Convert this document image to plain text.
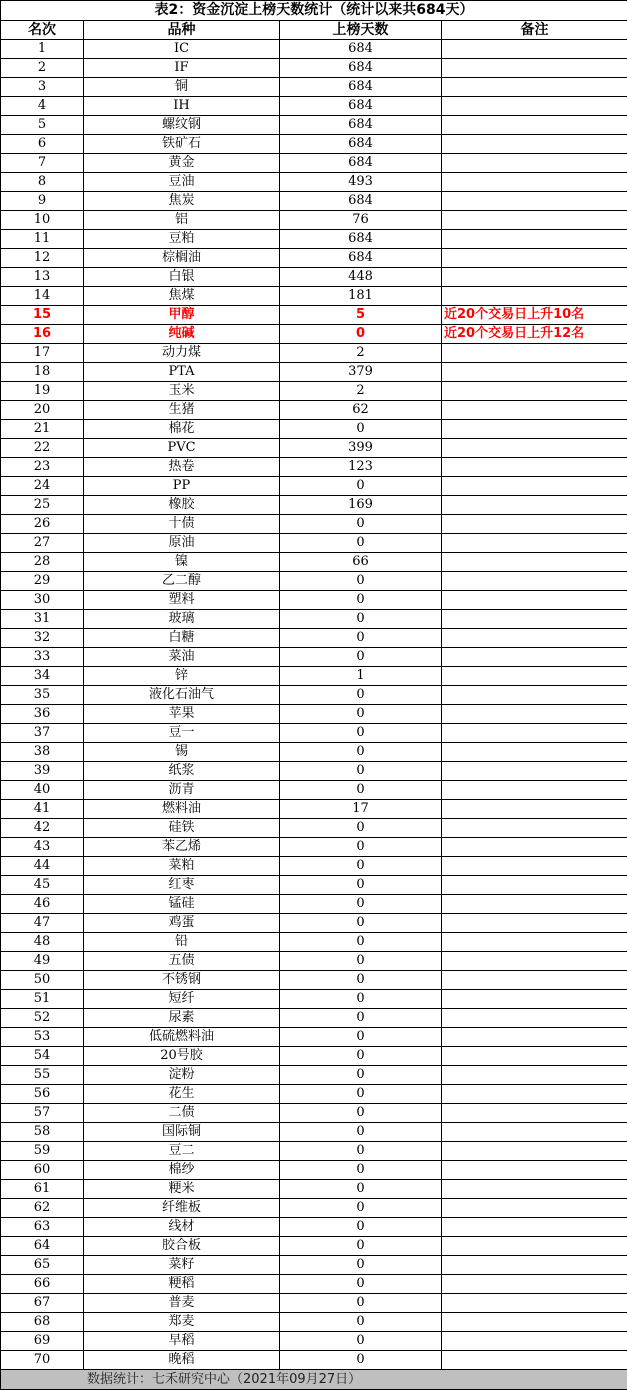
表2：资金沉淀上榜天数统计（统计以来共684天）			
名次	品种	上榜天数	备注
1	IC	684	
2	IF	684	
3	铜	684	
4	IH	684	
5	螺纹钢	684	
6	铁矿石	684	
7	黄金	684	
8	豆油	493	
9	焦炭	684	
10	铝	76	
11	豆粕	684	
12	棕榈油	684	
13	白银	448	
14	焦煤	181	
15	甲醇	5	近20个交易日上升10名
16	纯碱	0	近20个交易日上升12名
17	动力煤	2	
18	PTA	379	
19	玉米	2	
20	生猪	62	
21	棉花	0	
22	PVC	399	
23	热卷	123	
24	PP	0	
25	橡胶	169	
26	十债	0	
27	原油	0	
28	镍	66	
29	乙二醇	0	
30	塑料	0	
31	玻璃	0	
32	白糖	0	
33	菜油	0	
34	锌	1	
35	液化石油气	0	
36	苹果	0	
37	豆一	0	
38	锡	0	
39	纸浆	0	
40	沥青	0	
41	燃料油	17	
42	硅铁	0	
43	苯乙烯	0	
44	菜粕	0	
45	红枣	0	
46	锰硅	0	
47	鸡蛋	0	
48	铅	0	
49	五债	0	
50	不锈钢	0	
51	短纤	0	
52	尿素	0	
53	低硫燃料油	0	
54	20号胶	0	
55	淀粉	0	
56	花生	0	
57	二债	0	
58	国际铜	0	
59	豆二	0	
60	棉纱	0	
61	粳米	0	
62	纤维板	0	
63	线材	0	
64	胶合板	0	
65	菜籽	0	
66	粳稻	0	
67	普麦	0	
68	郑麦	0	
69	早稻	0	
70	晚稻	0	
数据统计：七禾研究中心（2021年09月27日）			
